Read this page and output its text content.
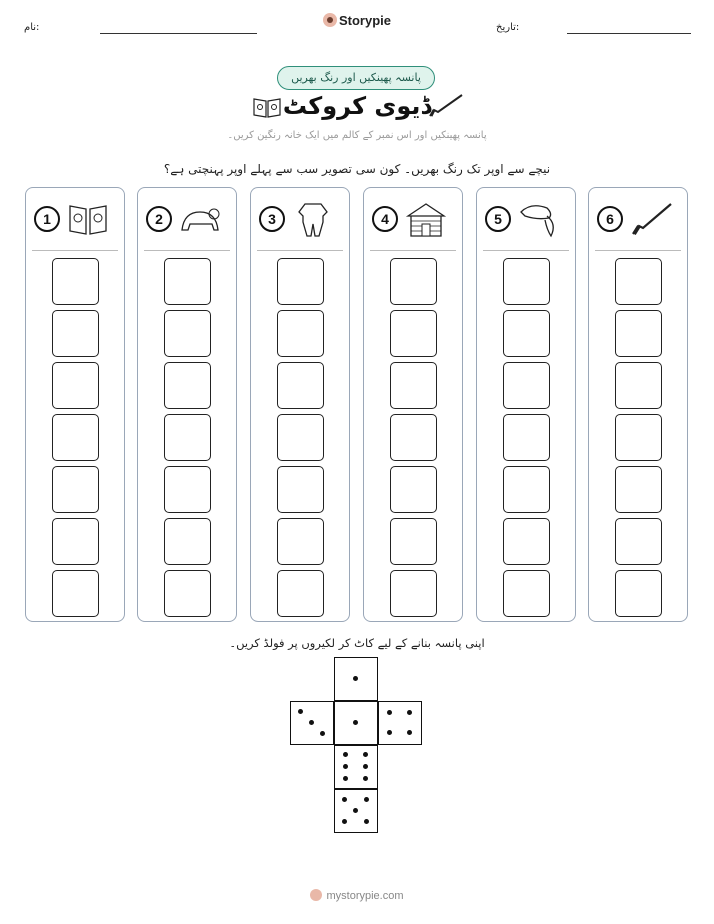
نام:	Storypie	تاریخ:
پانسہ پھینکیں اور رنگ بھریں
ڈیوی کروکٹ
پانسہ پھینکیں اور اس نمبر کے کالم میں ایک خانہ رنگین کریں۔
نیچے سے اوپر تک رنگ بھریں۔ کون سی تصویر سب سے پہلے اوپر پہنچتی ہے؟
1	2	3	4	5	6
اپنی پانسہ بنانے کے لیے کاٹ کر لکیروں پر فولڈ کریں۔
mystorypie.com
